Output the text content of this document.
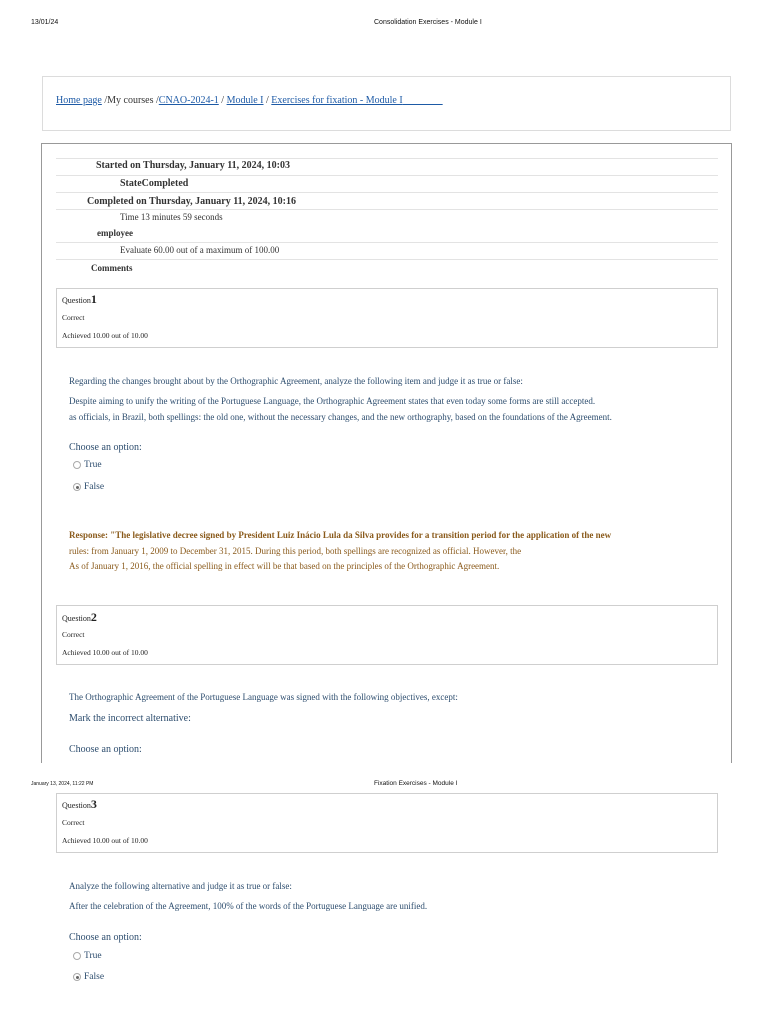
13/01/24	Consolidation Exercises - Module I
Home page /My courses /CNAO-2024-1 / Module I / Exercises for fixation - Module I
Started on Thursday, January 11, 2024, 10:03
StateCompleted
Completed on Thursday, January 11, 2024, 10:16
Time 13 minutes 59 seconds
employee
Evaluate 60.00 out of a maximum of 100.00
Comments
Question1
Correct
Achieved 10.00 out of 10.00
Regarding the changes brought about by the Orthographic Agreement, analyze the following item and judge it as true or false:
Despite aiming to unify the writing of the Portuguese Language, the Orthographic Agreement states that even today some forms are still accepted.
as officials, in Brazil, both spellings: the old one, without the necessary changes, and the new orthography, based on the foundations of the Agreement.
Choose an option:
True
False
Response: "The legislative decree signed by President Luiz Inácio Lula da Silva provides for a transition period for the application of the new
rules: from January 1, 2009 to December 31, 2015. During this period, both spellings are recognized as official. However, the
As of January 1, 2016, the official spelling in effect will be that based on the principles of the Orthographic Agreement.
Question2
Correct
Achieved 10.00 out of 10.00
The Orthographic Agreement of the Portuguese Language was signed with the following objectives, except:
Mark the incorrect alternative:
Choose an option:
January 13, 2024, 11:22 PM	Fixation Exercises - Module I
Question3
Correct
Achieved 10.00 out of 10.00
Analyze the following alternative and judge it as true or false:
After the celebration of the Agreement, 100% of the words of the Portuguese Language are unified.
Choose an option:
True
False
